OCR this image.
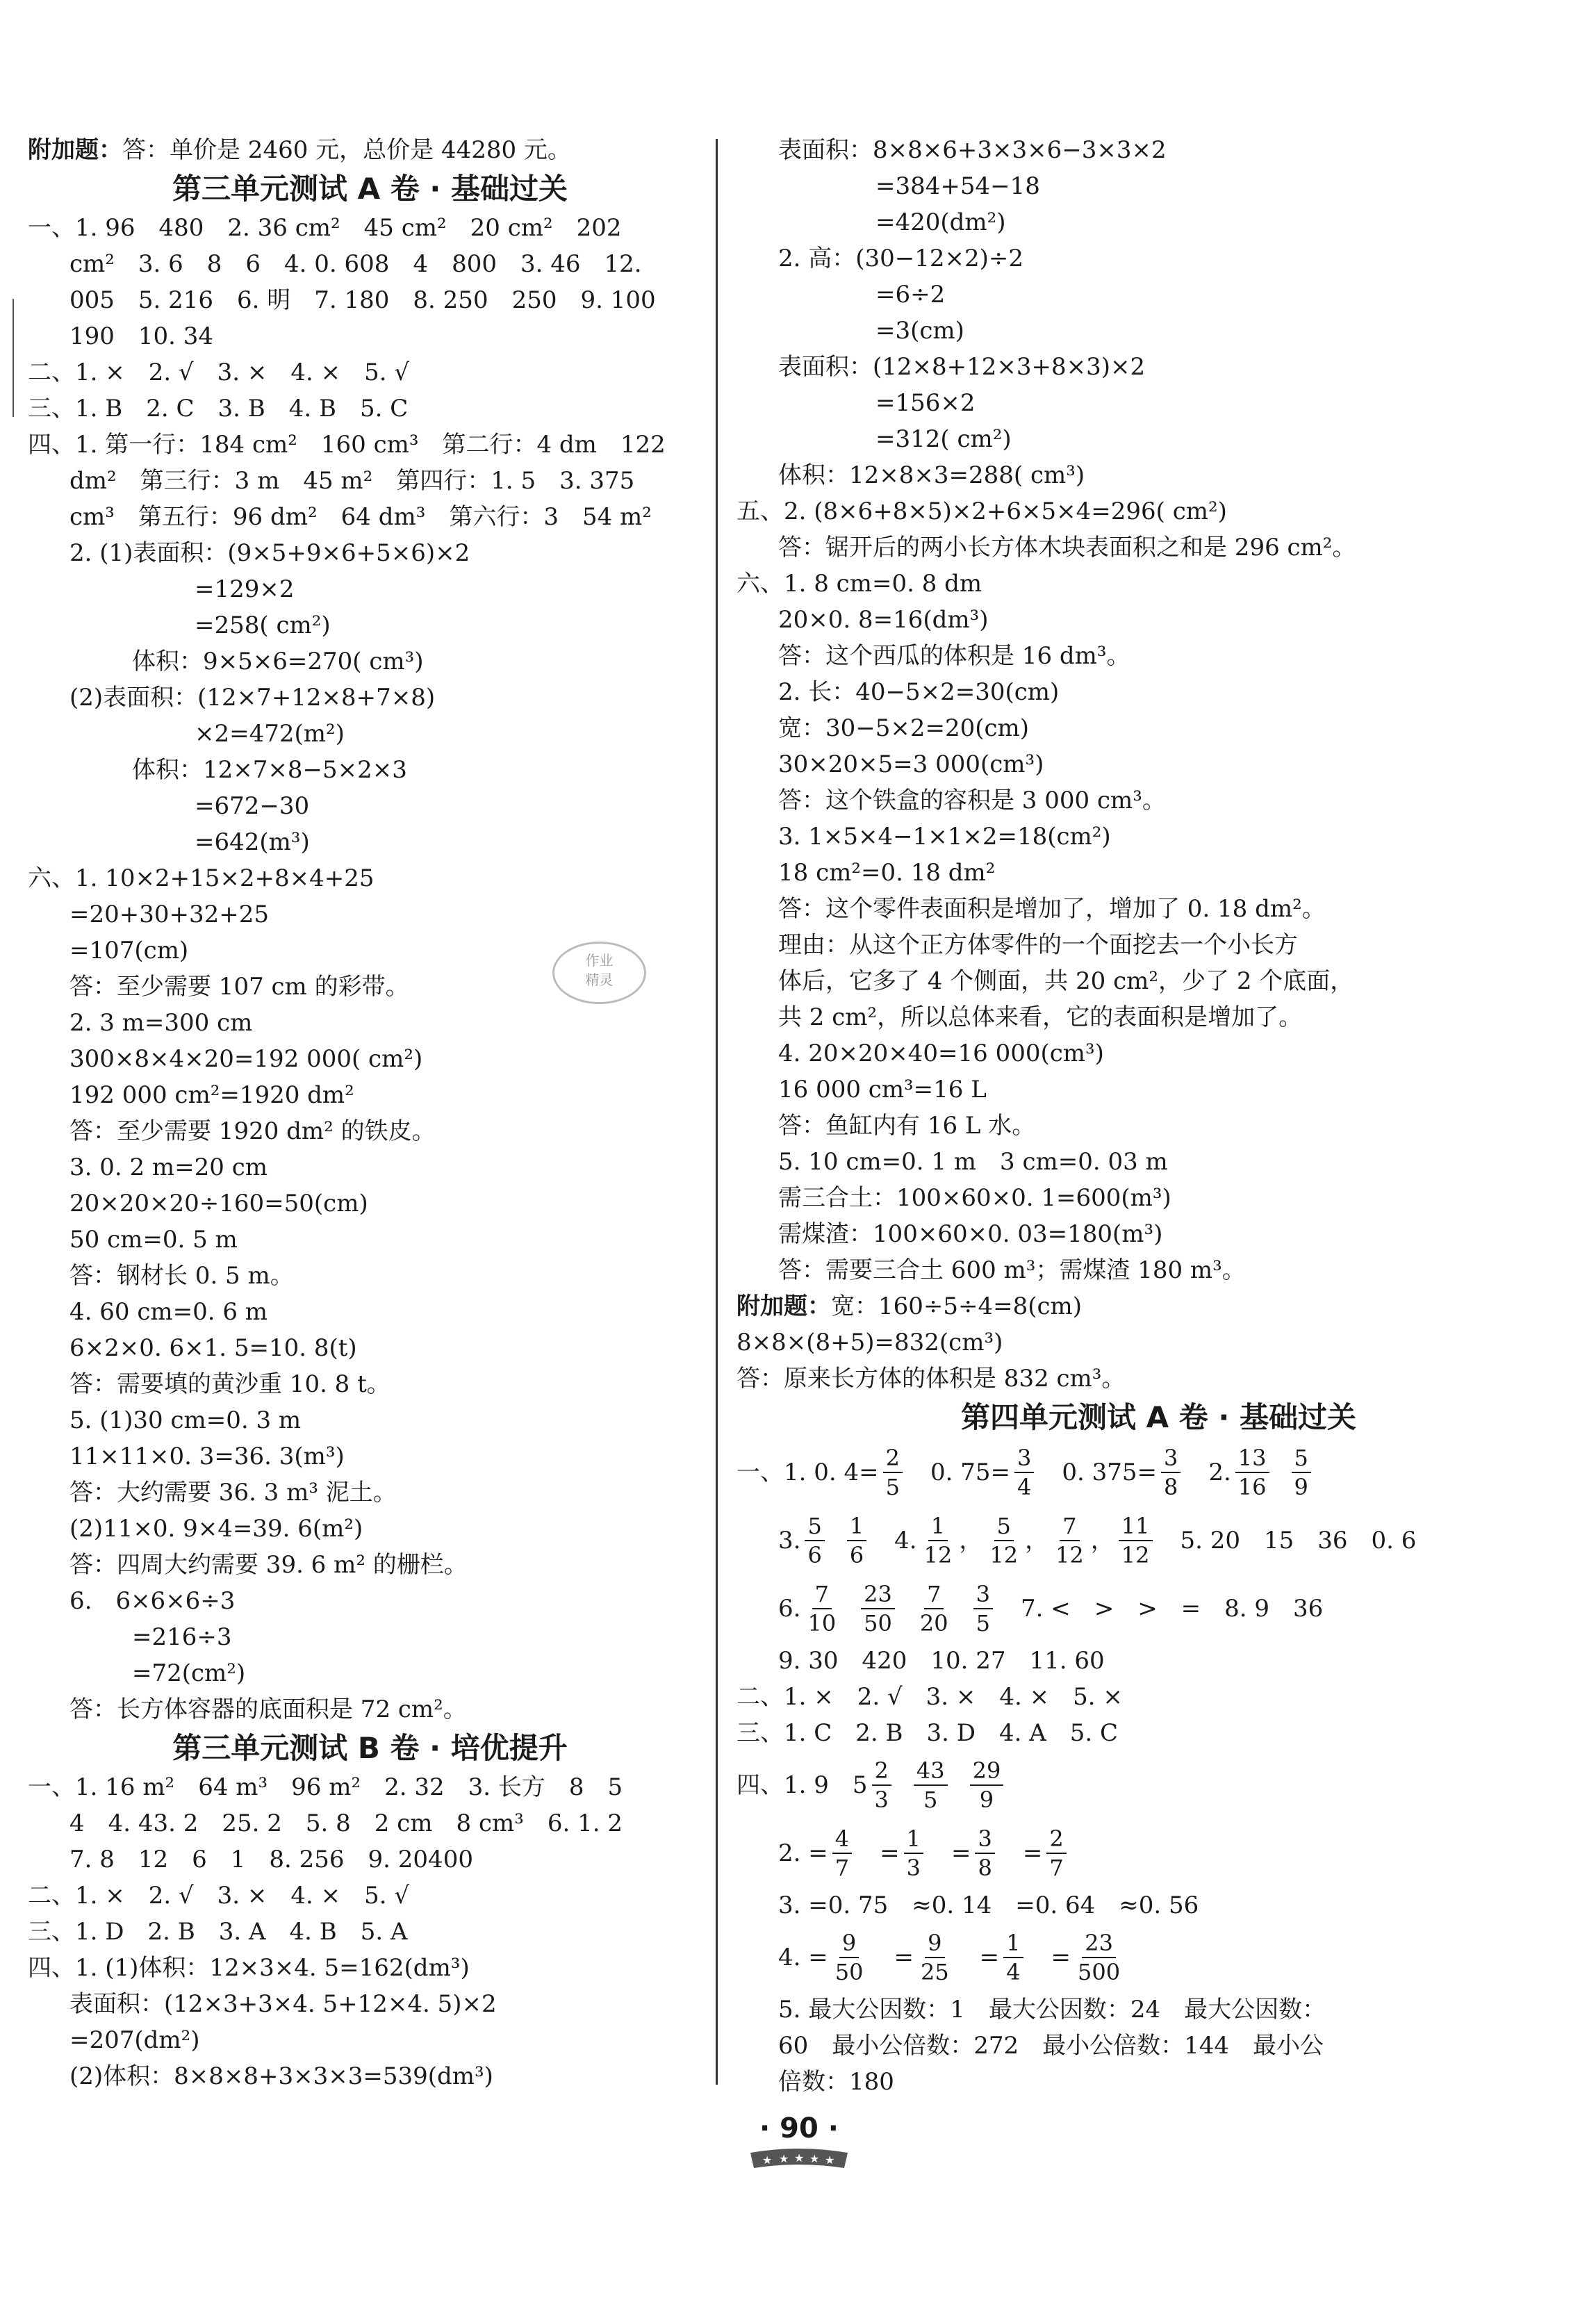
附加题：答：单价是 2460 元，总价是 44280 元。
第三单元测试 A 卷 · 基础过关
一、1. 96　480　2. 36 cm²　45 cm²　20 cm²　202
cm²　3. 6　8　6　4. 0. 608　4　800　3. 46　12.
005　5. 216　6. 明　7. 180　8. 250　250　9. 100
190　10. 34
二、1. ×　2. √　3. ×　4. ×　5. √
三、1. B　2. C　3. B　4. B　5. C
四、1. 第一行：184 cm²　160 cm³　第二行：4 dm　122
dm²　第三行：3 m　45 m²　第四行：1. 5　3. 375
cm³　第五行：96 dm²　64 dm³　第六行：3　54 m²
2. (1)表面积：(9×5+9×6+5×6)×2
=129×2
=258( cm²)
体积：9×5×6=270( cm³)
(2)表面积：(12×7+12×8+7×8)
×2=472(m²)
体积：12×7×8−5×2×3
=672−30
=642(m³)
六、1. 10×2+15×2+8×4+25
=20+30+32+25
=107(cm)
答：至少需要 107 cm 的彩带。
2. 3 m=300 cm
300×8×4×20=192 000( cm²)
192 000 cm²=1920 dm²
答：至少需要 1920 dm² 的铁皮。
3. 0. 2 m=20 cm
20×20×20÷160=50(cm)
50 cm=0. 5 m
答：钢材长 0. 5 m。
4. 60 cm=0. 6 m
6×2×0. 6×1. 5=10. 8(t)
答：需要填的黄沙重 10. 8 t。
5. (1)30 cm=0. 3 m
11×11×0. 3=36. 3(m³)
答：大约需要 36. 3 m³ 泥土。
(2)11×0. 9×4=39. 6(m²)
答：四周大约需要 39. 6 m² 的栅栏。
6.　6×6×6÷3
=216÷3
=72(cm²)
答：长方体容器的底面积是 72 cm²。
第三单元测试 B 卷 · 培优提升
一、1. 16 m²　64 m³　96 m²　2. 32　3. 长方　8　5
4　4. 43. 2　25. 2　5. 8　2 cm　8 cm³　6. 1. 2
7. 8　12　6　1　8. 256　9. 20400
二、1. ×　2. √　3. ×　4. ×　5. √
三、1. D　2. B　3. A　4. B　5. A
四、1. (1)体积：12×3×4. 5=162(dm³)
表面积：(12×3+3×4. 5+12×4. 5)×2
=207(dm²)
(2)体积：8×8×8+3×3×3=539(dm³)
作业
精灵
表面积：8×8×6+3×3×6−3×3×2
=384+54−18
=420(dm²)
2. 高：(30−12×2)÷2
=6÷2
=3(cm)
表面积：(12×8+12×3+8×3)×2
=156×2
=312( cm²)
体积：12×8×3=288( cm³)
五、2. (8×6+8×5)×2+6×5×4=296( cm²)
答：锯开后的两小长方体木块表面积之和是 296 cm²。
六、1. 8 cm=0. 8 dm
20×0. 8=16(dm³)
答：这个西瓜的体积是 16 dm³。
2. 长：40−5×2=30(cm)
宽：30−5×2=20(cm)
30×20×5=3 000(cm³)
答：这个铁盒的容积是 3 000 cm³。
3. 1×5×4−1×1×2=18(cm²)
18 cm²=0. 18 dm²
答：这个零件表面积是增加了，增加了 0. 18 dm²。
理由：从这个正方体零件的一个面挖去一个小长方
体后，它多了 4 个侧面，共 20 cm²，少了 2 个底面，
共 2 cm²，所以总体来看，它的表面积是增加了。
4. 20×20×40=16 000(cm³)
16 000 cm³=16 L
答：鱼缸内有 16 L 水。
5. 10 cm=0. 1 m　3 cm=0. 03 m
需三合土：100×60×0. 1=600(m³)
需煤渣：100×60×0. 03=180(m³)
答：需要三合土 600 m³；需煤渣 180 m³。
附加题：宽：160÷5÷4=8(cm)
8×8×(8+5)=832(cm³)
答：原来长方体的体积是 832 cm³。
第四单元测试 A 卷 · 基础过关
一、1. 0. $4= \frac{2}{5}$ 　0. $75= \frac{3}{4}$ 　0. $375= \frac{3}{8}$ 　2. $\frac{13}{16} \frac{5}{9}$
3. $\frac{5}{6} \frac{1}{6}$ 　4. $\frac{1}{12}$ ， $\frac{5}{12}$ ， $\frac{7}{12}$ ， $\frac{11}{12}$ 　5. 20　15　36　0. 6
6. $\frac{7}{10} \frac{23}{50} \frac{7}{20} \frac{3}{5}$ 　7. <　>　>　=　8. 9　36
9. 30　420　10. 27　11. 60
二、1. ×　2. √　3. ×　4. ×　5. ×
三、1. C　2. B　3. D　4. A　5. C
四、1. 9　$5 \frac{2}{3} \frac{43}{5} \frac{29}{9}$
2. = $\frac{4}{7}$ 　= $\frac{1}{3}$ 　= $\frac{3}{8}$ 　= $\frac{2}{7}$
3. =0. 75　≈0. 14　=0. 64　≈0. 56
4. = $\frac{9}{50}$ 　= $\frac{9}{25}$ 　= $\frac{1}{4}$ 　= $\frac{23}{500}$
5. 最大公因数：1　最大公因数：24　最大公因数：
60　最小公倍数：272　最小公倍数：144　最小公
倍数：180
· 90 ·
★ ★ ★ ★ ★
